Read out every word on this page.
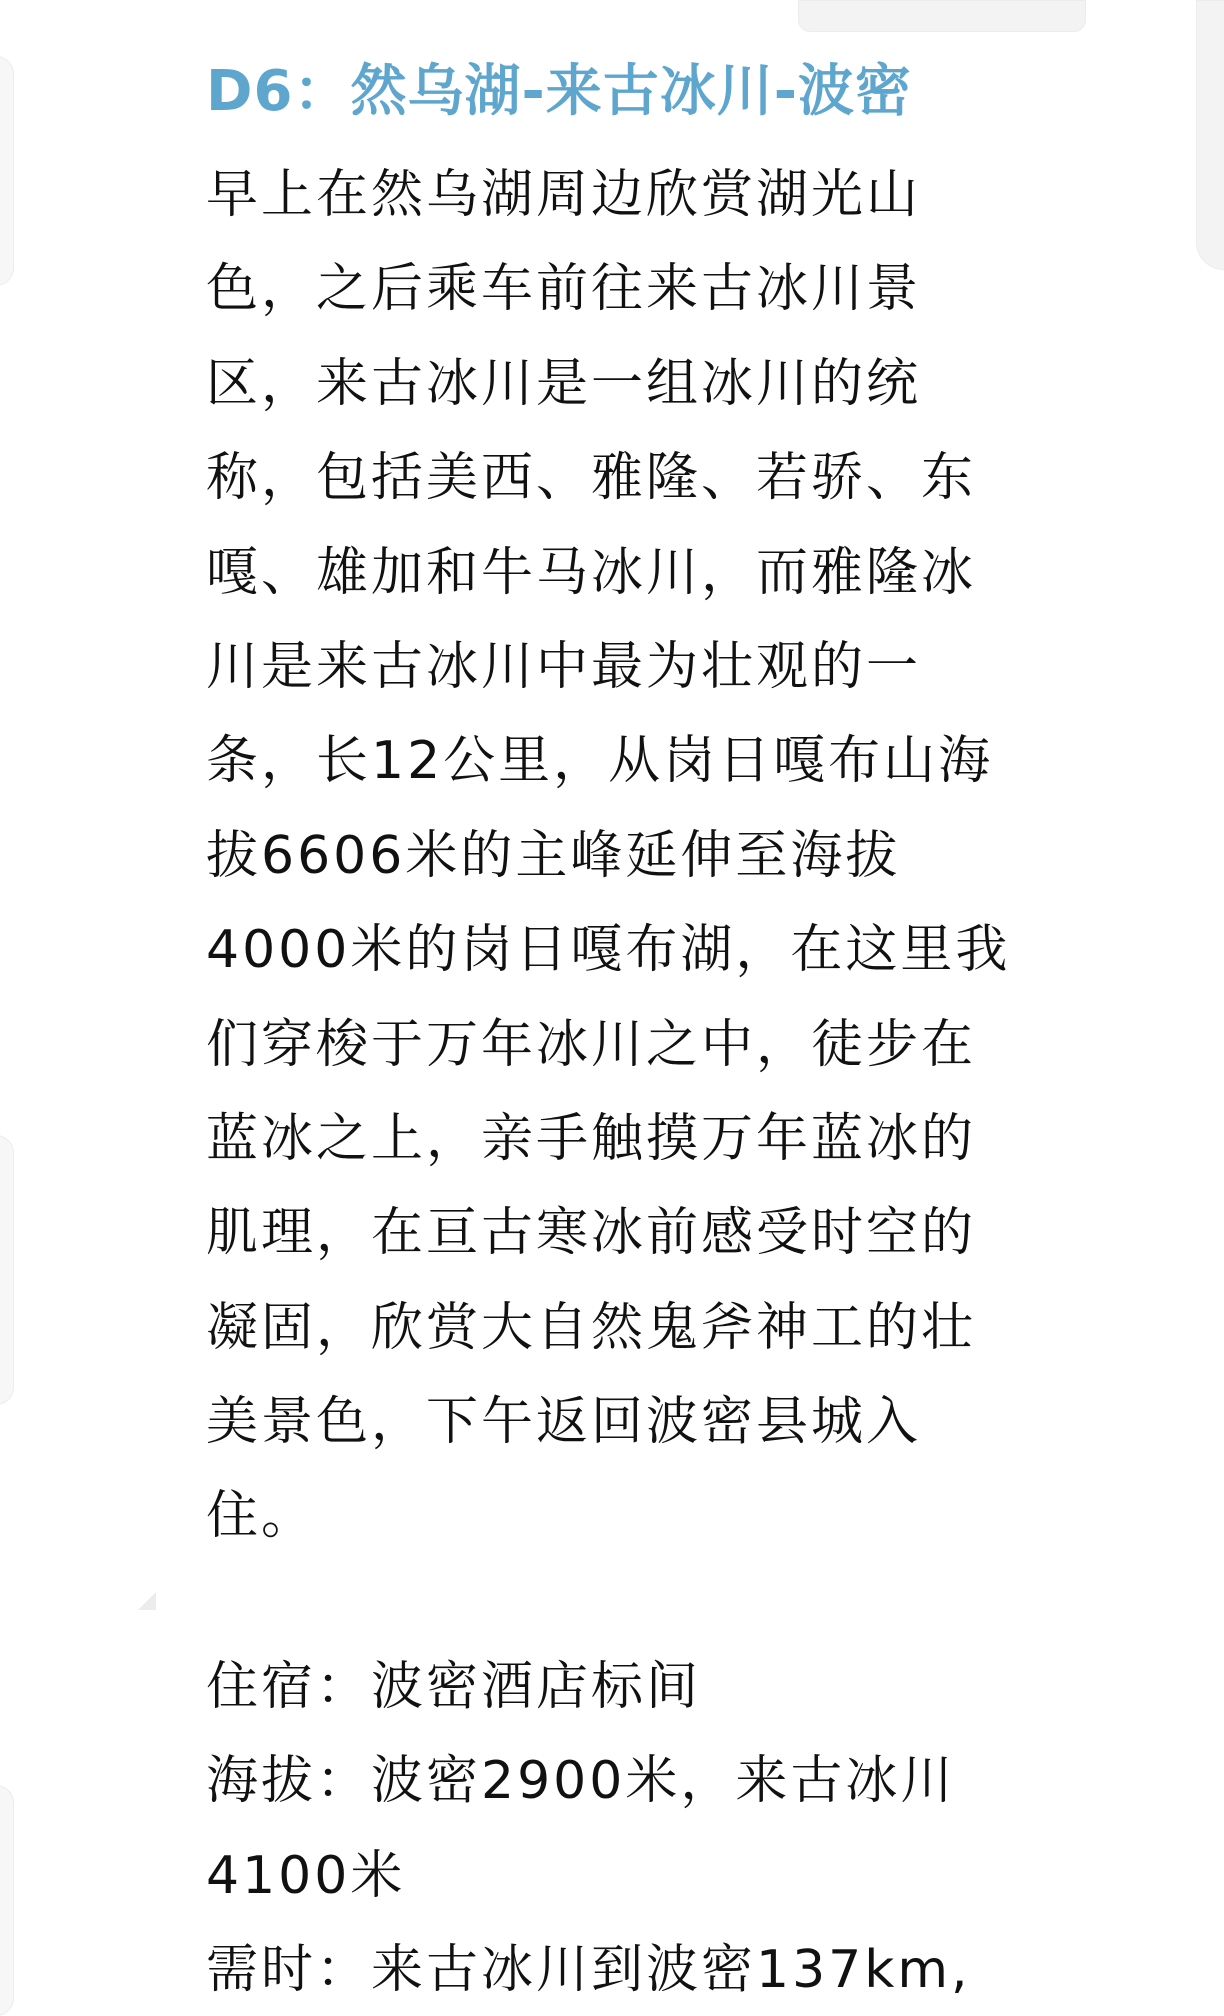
D6：然乌湖-来古冰川-波密
早上在然乌湖周边欣赏湖光山
色，之后乘车前往来古冰川景
区，来古冰川是一组冰川的统
称，包括美西、雅隆、若骄、东
嘎、雄加和牛马冰川，而雅隆冰
川是来古冰川中最为壮观的一
条，长12公里，从岗日嘎布山海
拔6606米的主峰延伸至海拔
4000米的岗日嘎布湖，在这里我
们穿梭于万年冰川之中，徒步在
蓝冰之上，亲手触摸万年蓝冰的
肌理，在亘古寒冰前感受时空的
凝固，欣赏大自然鬼斧神工的壮
美景色，下午返回波密县城入
住。
住宿：波密酒店标间
海拔：波密2900米，来古冰川
4100米
需时：来古冰川到波密137km,
